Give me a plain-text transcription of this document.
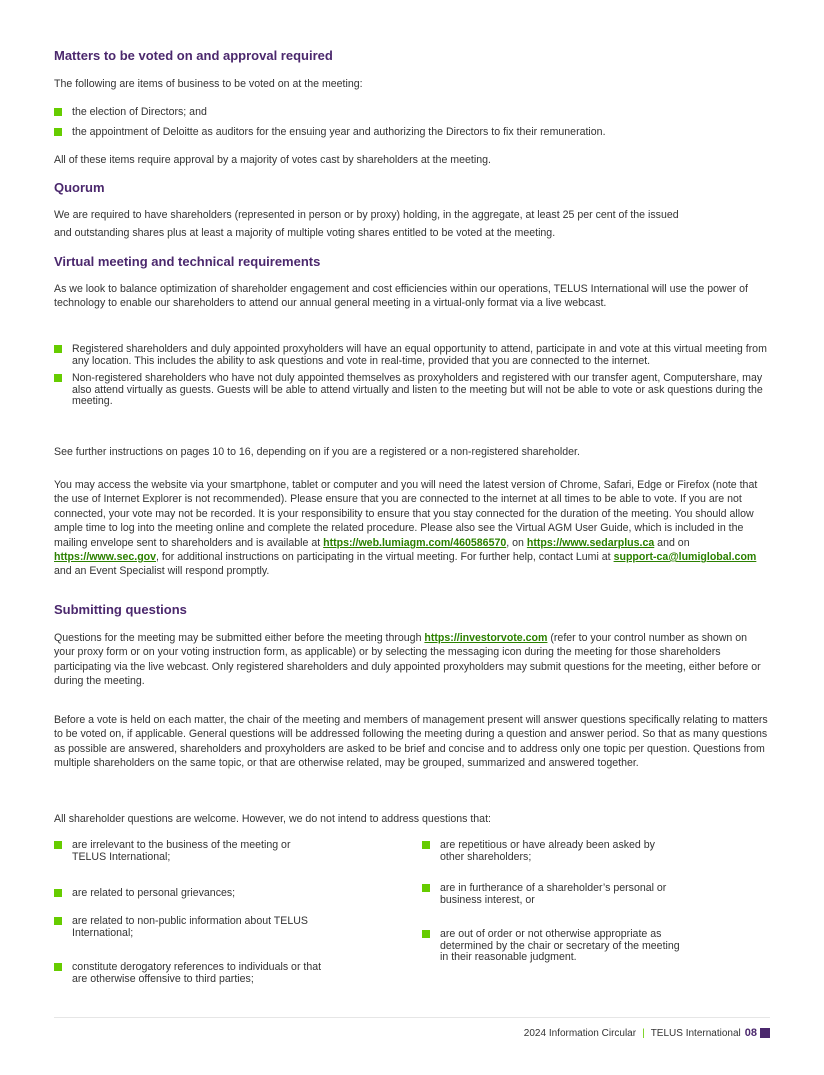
Matters to be voted on and approval required

The following are items of business to be voted on at the meeting:

the election of Directors; and
the appointment of Deloitte as auditors for the ensuing year and authorizing the Directors to fix their remuneration.

All of these items require approval by a majority of votes cast by shareholders at the meeting.

Quorum

We are required to have shareholders (represented in person or by proxy) holding, in the aggregate, at least 25 per cent of the issued

and outstanding shares plus at least a majority of multiple voting shares entitled to be voted at the meeting.

Virtual meeting and technical requirements

As we look to balance optimization of shareholder engagement and cost efficiencies within our operations, TELUS International will use the power of technology to enable our shareholders to attend our annual general meeting in a virtual-only format via a live webcast.

Registered shareholders and duly appointed proxyholders will have an equal opportunity to attend, participate in and vote at this virtual meeting from any location. This includes the ability to ask questions and vote in real-time, provided that you are connected to the internet.
Non-registered shareholders who have not duly appointed themselves as proxyholders and registered with our transfer agent, Computershare, may also attend virtually as guests. Guests will be able to attend virtually and listen to the meeting but will not be able to vote or ask questions during the meeting.

See further instructions on pages 10 to 16, depending on if you are a registered or a non-registered shareholder.

You may access the website via your smartphone, tablet or computer and you will need the latest version of Chrome, Safari, Edge or Firefox (note that the use of Internet Explorer is not recommended). Please ensure that you are connected to the internet at all times to be able to vote. If you are not connected, your vote may not be recorded. It is your responsibility to ensure that you stay connected for the duration of the meeting. You should allow ample time to log into the meeting online and complete the related procedure. Please also see the Virtual AGM User Guide, which is included in the mailing envelope sent to shareholders and is available at https://web.lumiagm.com/460586570, on https://www.sedarplus.ca and on https://www.sec.gov, for additional instructions on participating in the virtual meeting. For further help, contact Lumi at support-ca@lumiglobal.com and an Event Specialist will respond promptly.

Submitting questions

Questions for the meeting may be submitted either before the meeting through https://investorvote.com (refer to your control number as shown on your proxy form or on your voting instruction form, as applicable) or by selecting the messaging icon during the meeting for those shareholders participating via the live webcast. Only registered shareholders and duly appointed proxyholders may submit questions for the meeting, either before or during the meeting.

Before a vote is held on each matter, the chair of the meeting and members of management present will answer questions specifically relating to matters to be voted on, if applicable. General questions will be addressed following the meeting during a question and answer period. So that as many questions as possible are answered, shareholders and proxyholders are asked to be brief and concise and to address only one topic per question. Questions from multiple shareholders on the same topic, or that are otherwise related, may be grouped, summarized and answered together.

All shareholder questions are welcome. However, we do not intend to address questions that:

are irrelevant to the business of the meeting or TELUS International;
are related to personal grievances;
are related to non-public information about TELUS International;
constitute derogatory references to individuals or that are otherwise offensive to third parties;
are repetitious or have already been asked by other shareholders;
are in furtherance of a shareholder’s personal or business interest, or
are out of order or not otherwise appropriate as determined by the chair or secretary of the meeting in their reasonable judgment.
2024 Information Circular | TELUS International 08
